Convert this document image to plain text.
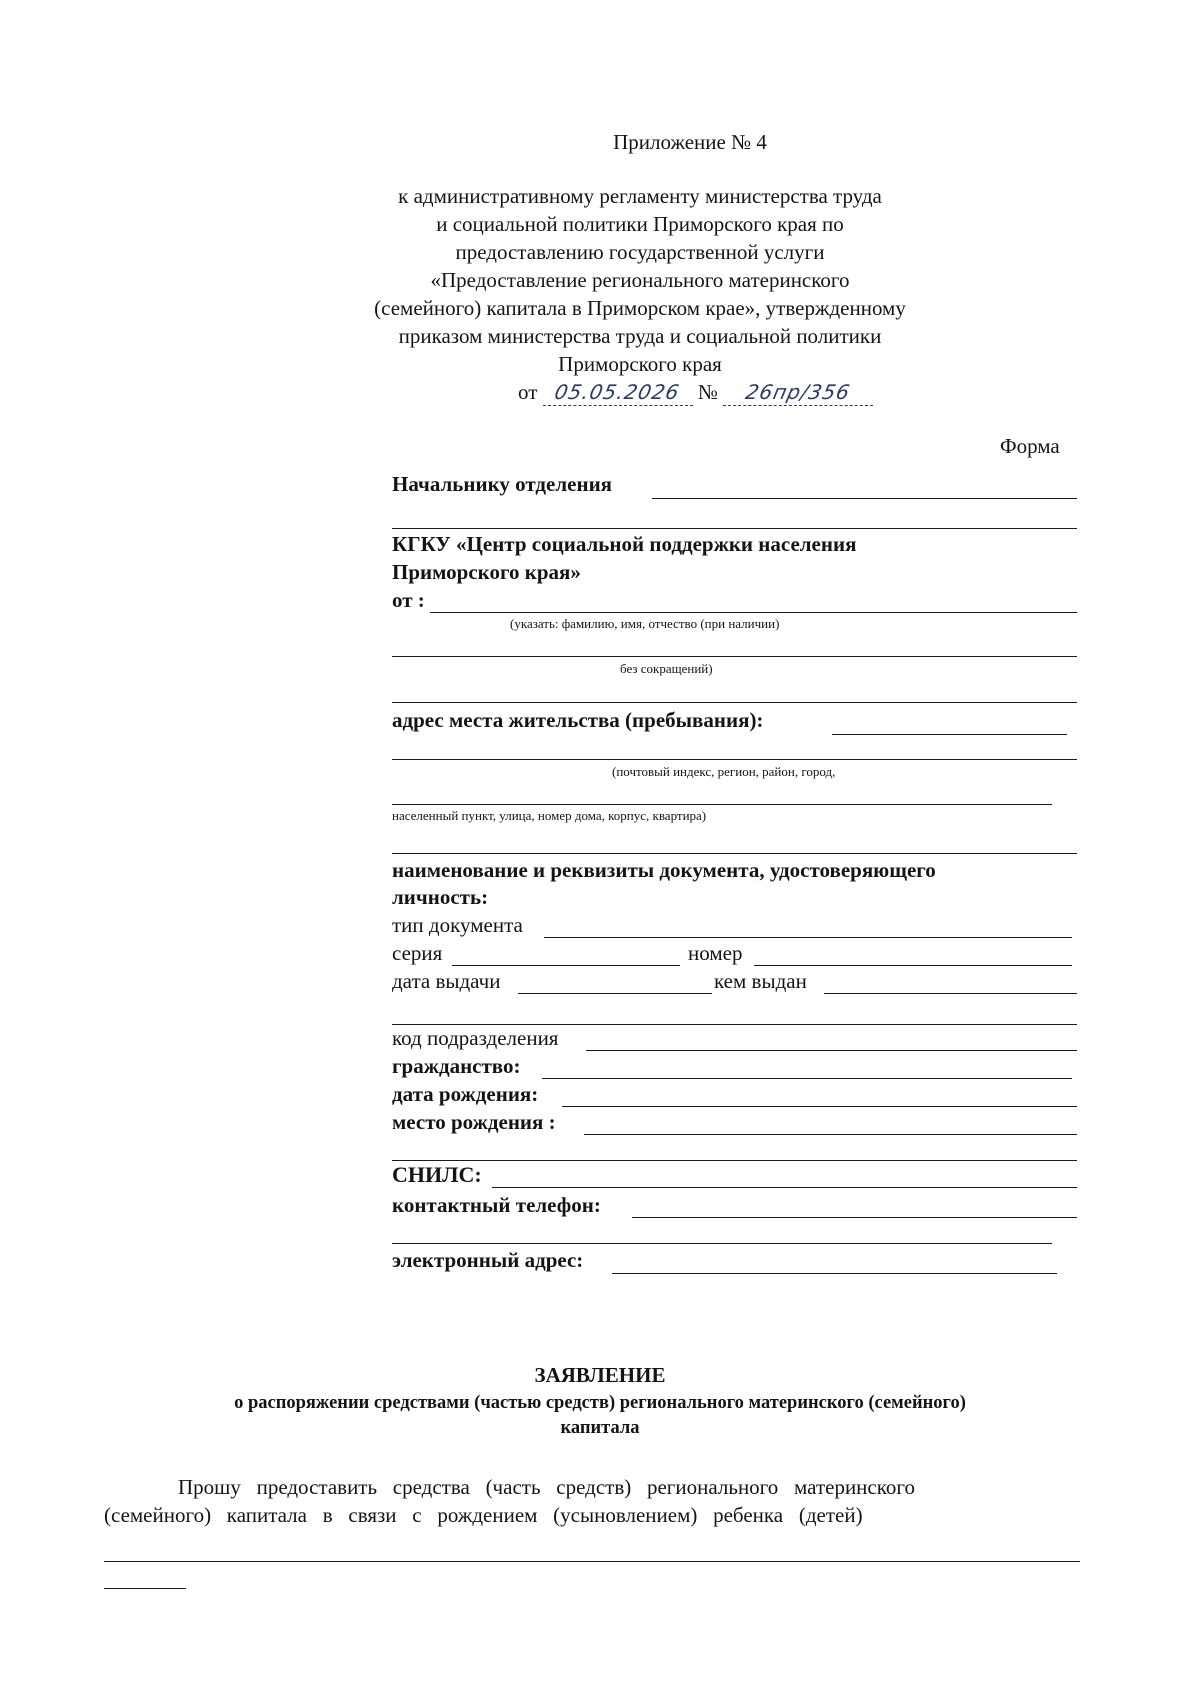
Приложение № 4
к административному регламенту министерства труда
и социальной политики Приморского края по
предоставлению государственной услуги
«Предоставление регионального материнского
(семейного) капитала в Приморском крае», утвержденному
приказом министерства труда и социальной политики
Приморского края
от 05.05.2026 № 26пр/356
Форма
Начальнику отделения
КГКУ «Центр социальной поддержки населения
Приморского края»
от :
(указать: фамилию, имя, отчество (при наличии)
без сокращений)
адрес места жительства (пребывания):
(почтовый индекс, регион, район, город,
населенный пункт, улица, номер дома, корпус, квартира)
наименование и реквизиты документа, удостоверяющего
личность:
тип документа
серия	номер
дата выдачи	кем выдан
код подразделения
гражданство:
дата рождения:
место рождения :
СНИЛС:
контактный телефон:
электронный адрес:
ЗАЯВЛЕНИЕ
о распоряжении средствами (частью средств) регионального материнского (семейного)
капитала
Прошу   предоставить   средства   (часть   средств)   регионального   материнского
(семейного)   капитала   в   связи   с   рождением   (усыновлением)   ребенка   (детей)
